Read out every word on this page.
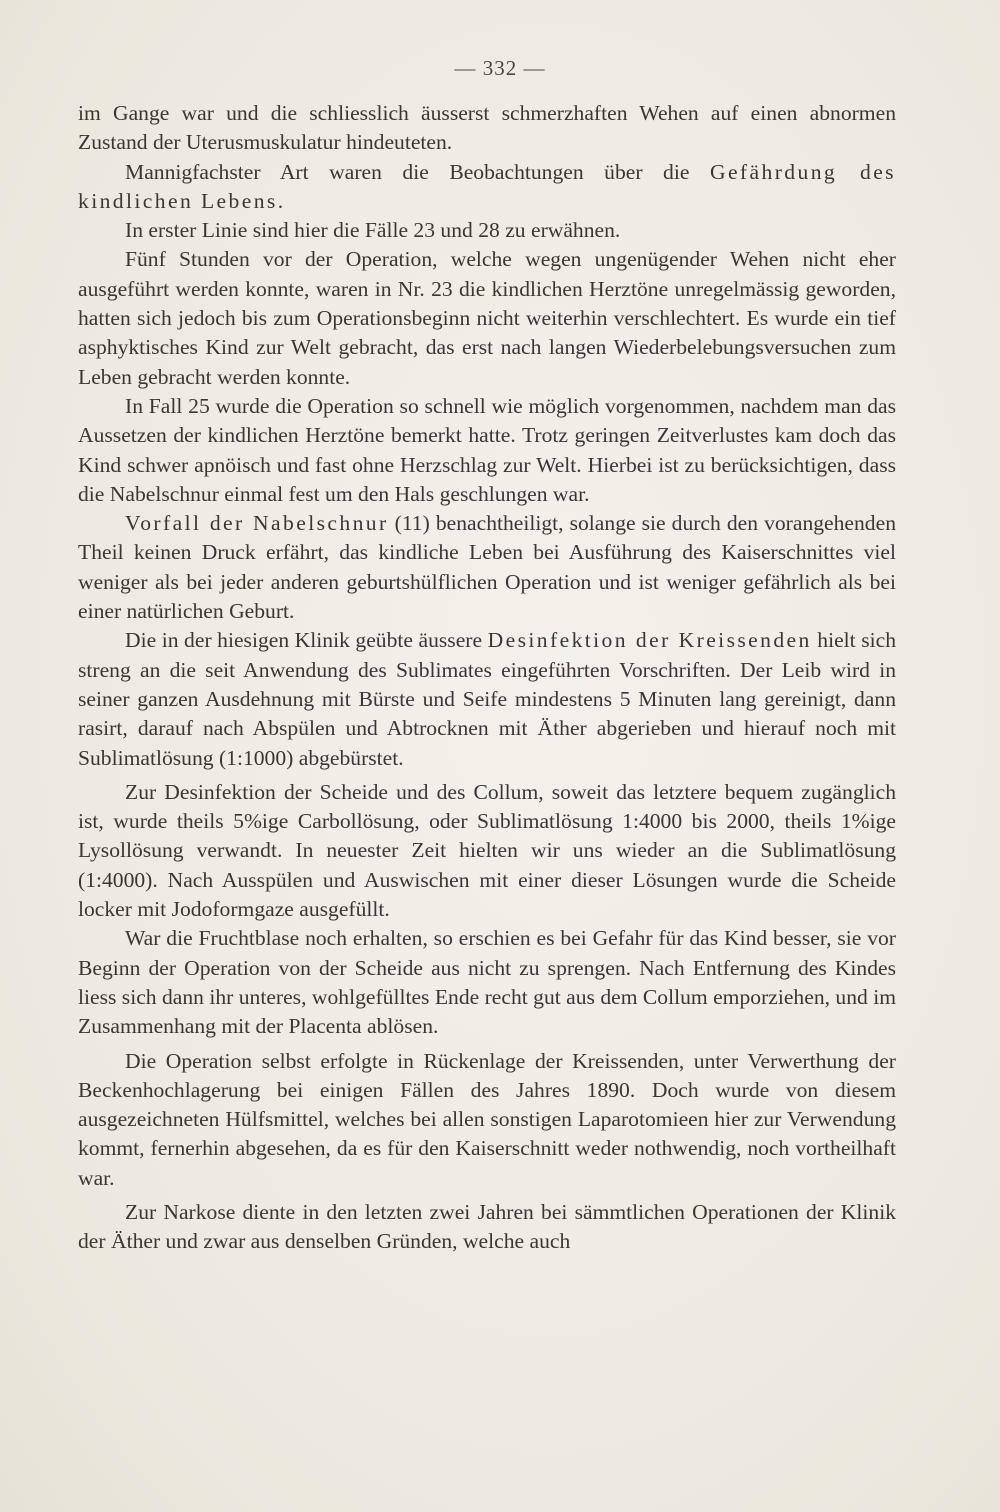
— 332 —

im Gange war und die schliesslich äusserst schmerzhaften Wehen auf einen abnormen Zustand der Uterusmuskulatur hindeuteten.

Mannigfachster Art waren die Beobachtungen über die Gefährdung des kindlichen Lebens.

In erster Linie sind hier die Fälle 23 und 28 zu erwähnen.

Fünf Stunden vor der Operation, welche wegen ungenügender Wehen nicht eher ausgeführt werden konnte, waren in Nr. 23 die kindlichen Herztöne unregelmässig geworden, hatten sich jedoch bis zum Operationsbeginn nicht weiterhin verschlechtert. Es wurde ein tief asphyktisches Kind zur Welt gebracht, das erst nach langen Wiederbelebungsversuchen zum Leben gebracht werden konnte.

In Fall 25 wurde die Operation so schnell wie möglich vorgenommen, nachdem man das Aussetzen der kindlichen Herztöne bemerkt hatte. Trotz geringen Zeitverlustes kam doch das Kind schwer apnöisch und fast ohne Herzschlag zur Welt. Hierbei ist zu berücksichtigen, dass die Nabelschnur einmal fest um den Hals geschlungen war.

Vorfall der Nabelschnur (11) benachtheiligt, solange sie durch den vorangehenden Theil keinen Druck erfährt, das kindliche Leben bei Ausführung des Kaiserschnittes viel weniger als bei jeder anderen geburtshülflichen Operation und ist weniger gefährlich als bei einer natürlichen Geburt.

Die in der hiesigen Klinik geübte äussere Desinfektion der Kreissenden hielt sich streng an die seit Anwendung des Sublimates eingeführten Vorschriften. Der Leib wird in seiner ganzen Ausdehnung mit Bürste und Seife mindestens 5 Minuten lang gereinigt, dann rasirt, darauf nach Abspülen und Abtrocknen mit Äther abgerieben und hierauf noch mit Sublimatlösung (1:1000) abgebürstet.

Zur Desinfektion der Scheide und des Collum, soweit das letztere bequem zugänglich ist, wurde theils 5%ige Carbollösung, oder Sublimatlösung 1:4000 bis 2000, theils 1%ige Lysollösung verwandt. In neuester Zeit hielten wir uns wieder an die Sublimatlösung (1:4000). Nach Ausspülen und Auswischen mit einer dieser Lösungen wurde die Scheide locker mit Jodoformgaze ausgefüllt.

War die Fruchtblase noch erhalten, so erschien es bei Gefahr für das Kind besser, sie vor Beginn der Operation von der Scheide aus nicht zu sprengen. Nach Entfernung des Kindes liess sich dann ihr unteres, wohlgefülltes Ende recht gut aus dem Collum emporziehen, und im Zusammenhang mit der Placenta ablösen.

Die Operation selbst erfolgte in Rückenlage der Kreissenden, unter Verwerthung der Beckenhochlagerung bei einigen Fällen des Jahres 1890. Doch wurde von diesem ausgezeichneten Hülfsmittel, welches bei allen sonstigen Laparotomieen hier zur Verwendung kommt, fernerhin abgesehen, da es für den Kaiserschnitt weder nothwendig, noch vortheilhaft war.

Zur Narkose diente in den letzten zwei Jahren bei sämmtlichen Operationen der Klinik der Äther und zwar aus denselben Gründen, welche auch
